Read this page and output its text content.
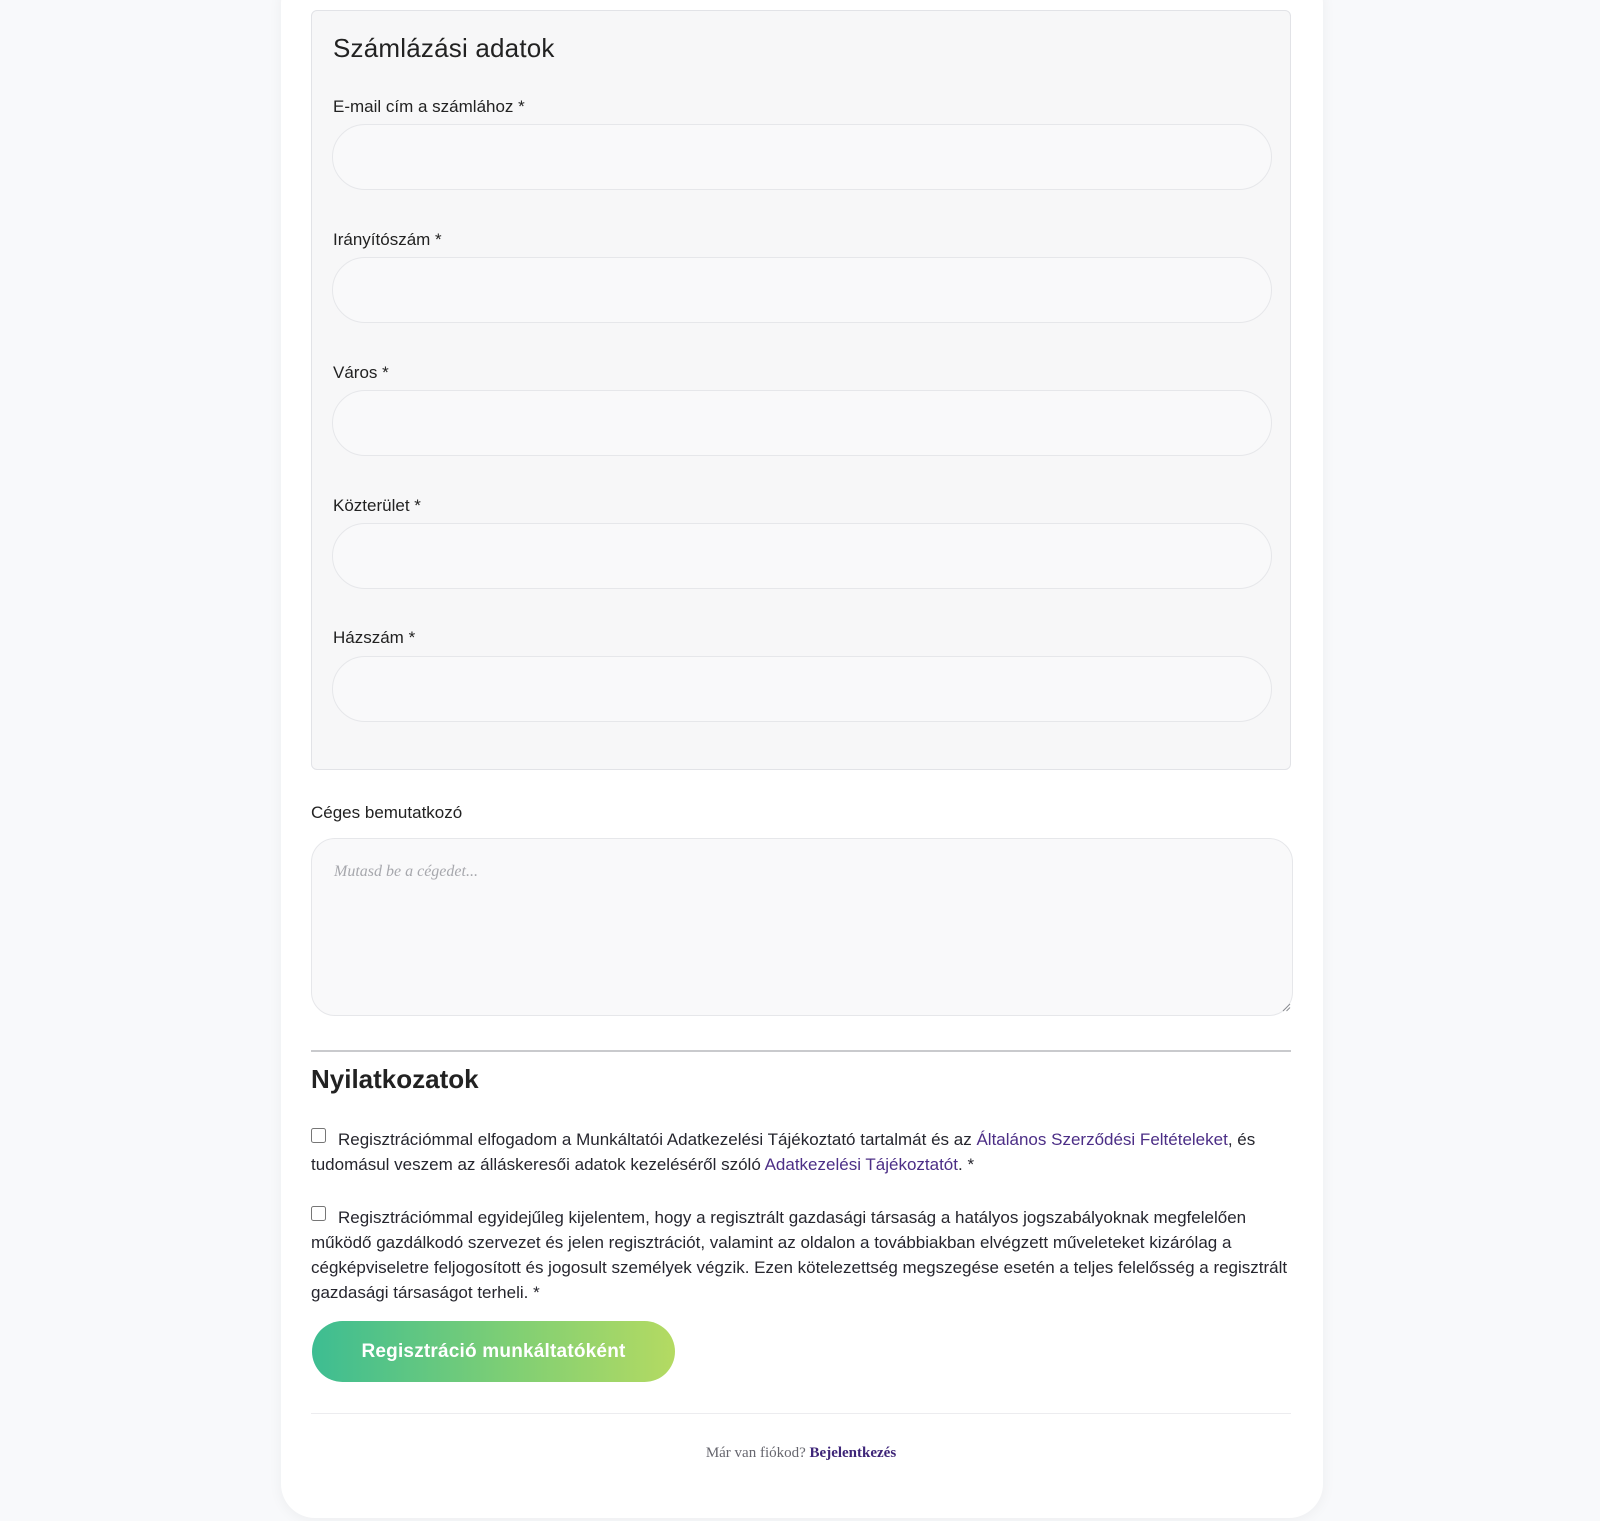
Számlázási adatok
E-mail cím a számlához *
Irányítószám *
Város *
Közterület *
Házszám *
Céges bemutatkozó
Mutasd be a cégedet...
Nyilatkozatok
Regisztrációmmal elfogadom a Munkáltatói Adatkezelési Tájékoztató tartalmát és az Általános Szerződési Feltételeket, és tudomásul veszem az álláskeresői adatok kezeléséről szóló Adatkezelési Tájékoztatót. *
Regisztrációmmal egyidejűleg kijelentem, hogy a regisztrált gazdasági társaság a hatályos jogszabályoknak megfelelően működő gazdálkodó szervezet és jelen regisztrációt, valamint az oldalon a továbbiakban elvégzett műveleteket kizárólag a cégképviseletre feljogosított és jogosult személyek végzik. Ezen kötelezettség megszegése esetén a teljes felelősség a regisztrált gazdasági társaságot terheli. *
Regisztráció munkáltatóként
Már van fiókod? Bejelentkezés
